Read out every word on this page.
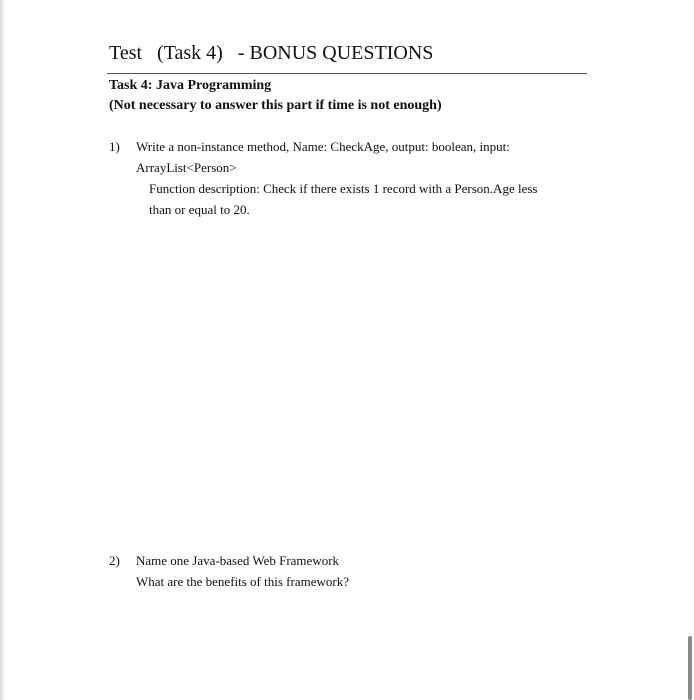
Test   (Task 4)   - BONUS QUESTIONS
Task 4: Java Programming
(Not necessary to answer this part if time is not enough)
1) Write a non-instance method, Name: CheckAge, output: boolean, input:
ArrayList<Person>
Function description: Check if there exists 1 record with a Person.Age less
than or equal to 20.
2) Name one Java-based Web Framework
What are the benefits of this framework?
